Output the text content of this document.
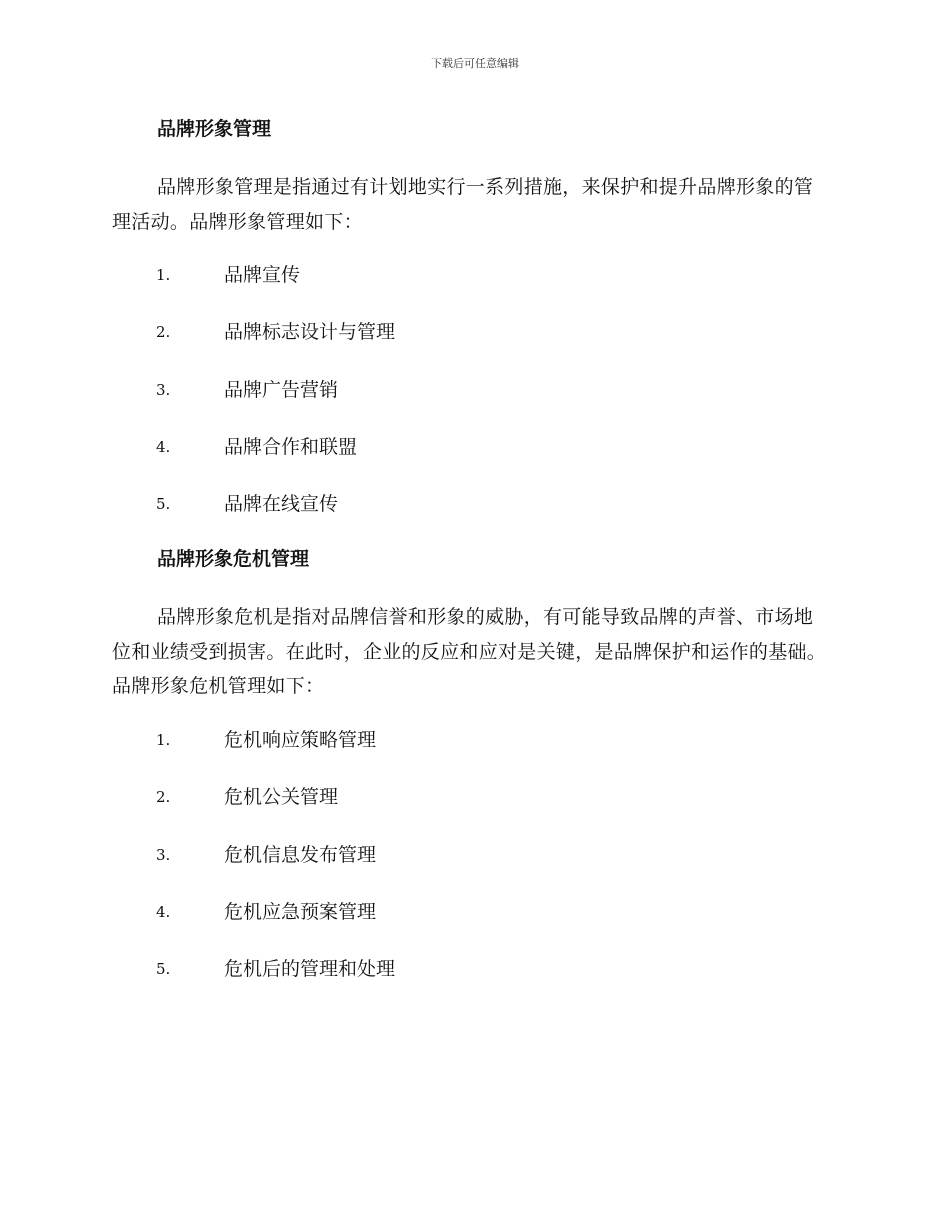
下载后可任意编辑
品牌形象管理

品牌形象管理是指通过有计划地实行一系列措施，来保护和提升品牌形象的管理活动。品牌形象管理如下：

1.	品牌宣传
2.	品牌标志设计与管理
3.	品牌广告营销
4.	品牌合作和联盟
5.	品牌在线宣传
品牌形象危机管理

品牌形象危机是指对品牌信誉和形象的威胁，有可能导致品牌的声誉、市场地位和业绩受到损害。在此时，企业的反应和应对是关键，是品牌保护和运作的基础。品牌形象危机管理如下：

1.	危机响应策略管理
2.	危机公关管理
3.	危机信息发布管理
4.	危机应急预案管理
5.	危机后的管理和处理
